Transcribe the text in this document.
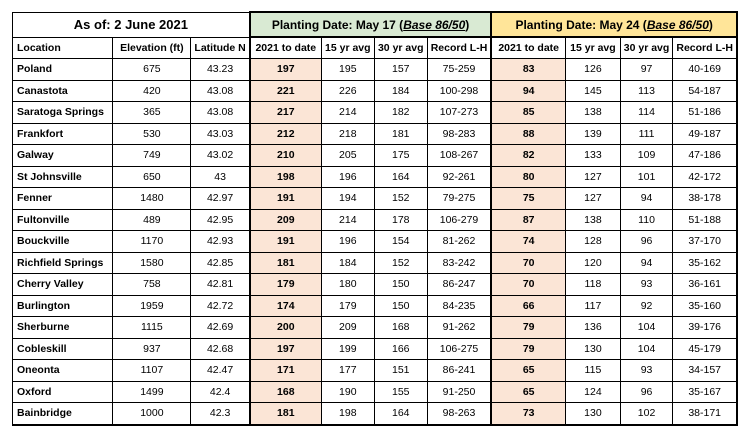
As of: 2 June 2021			Planting Date: May 17 (Base 86/50)				Planting Date: May 24 (Base 86/50)			
Location	Elevation (ft)	Latitude N	2021 to date	15 yr avg	30 yr avg	Record L-H	2021 to date	15 yr avg	30 yr avg	Record L-H
Poland	675	43.23	197	195	157	75-259	83	126	97	40-169
Canastota	420	43.08	221	226	184	100-298	94	145	113	54-187
Saratoga Springs	365	43.08	217	214	182	107-273	85	138	114	51-186
Frankfort	530	43.03	212	218	181	98-283	88	139	111	49-187
Galway	749	43.02	210	205	175	108-267	82	133	109	47-186
St Johnsville	650	43	198	196	164	92-261	80	127	101	42-172
Fenner	1480	42.97	191	194	152	79-275	75	127	94	38-178
Fultonville	489	42.95	209	214	178	106-279	87	138	110	51-188
Bouckville	1170	42.93	191	196	154	81-262	74	128	96	37-170
Richfield Springs	1580	42.85	181	184	152	83-242	70	120	94	35-162
Cherry Valley	758	42.81	179	180	150	86-247	70	118	93	36-161
Burlington	1959	42.72	174	179	150	84-235	66	117	92	35-160
Sherburne	1115	42.69	200	209	168	91-262	79	136	104	39-176
Cobleskill	937	42.68	197	199	166	106-275	79	130	104	45-179
Oneonta	1107	42.47	171	177	151	86-241	65	115	93	34-157
Oxford	1499	42.4	168	190	155	91-250	65	124	96	35-167
Bainbridge	1000	42.3	181	198	164	98-263	73	130	102	38-171
